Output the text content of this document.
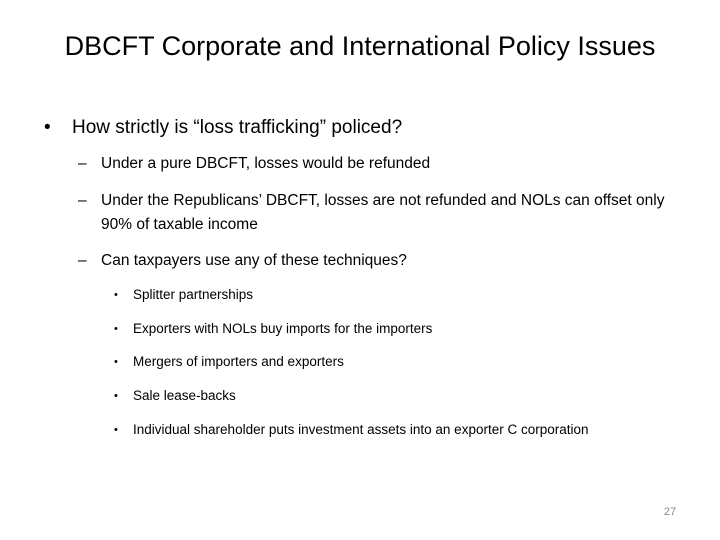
DBCFT Corporate and International Policy Issues
• How strictly is “loss trafficking” policed?
– Under a pure DBCFT, losses would be refunded
– Under the Republicans’ DBCFT, losses are not refunded and NOLs can offset only 90% of taxable income
– Can taxpayers use any of these techniques?
• Splitter partnerships
• Exporters with NOLs buy imports for the importers
• Mergers of importers and exporters
• Sale lease-backs
• Individual shareholder puts investment assets into an exporter C corporation
27
